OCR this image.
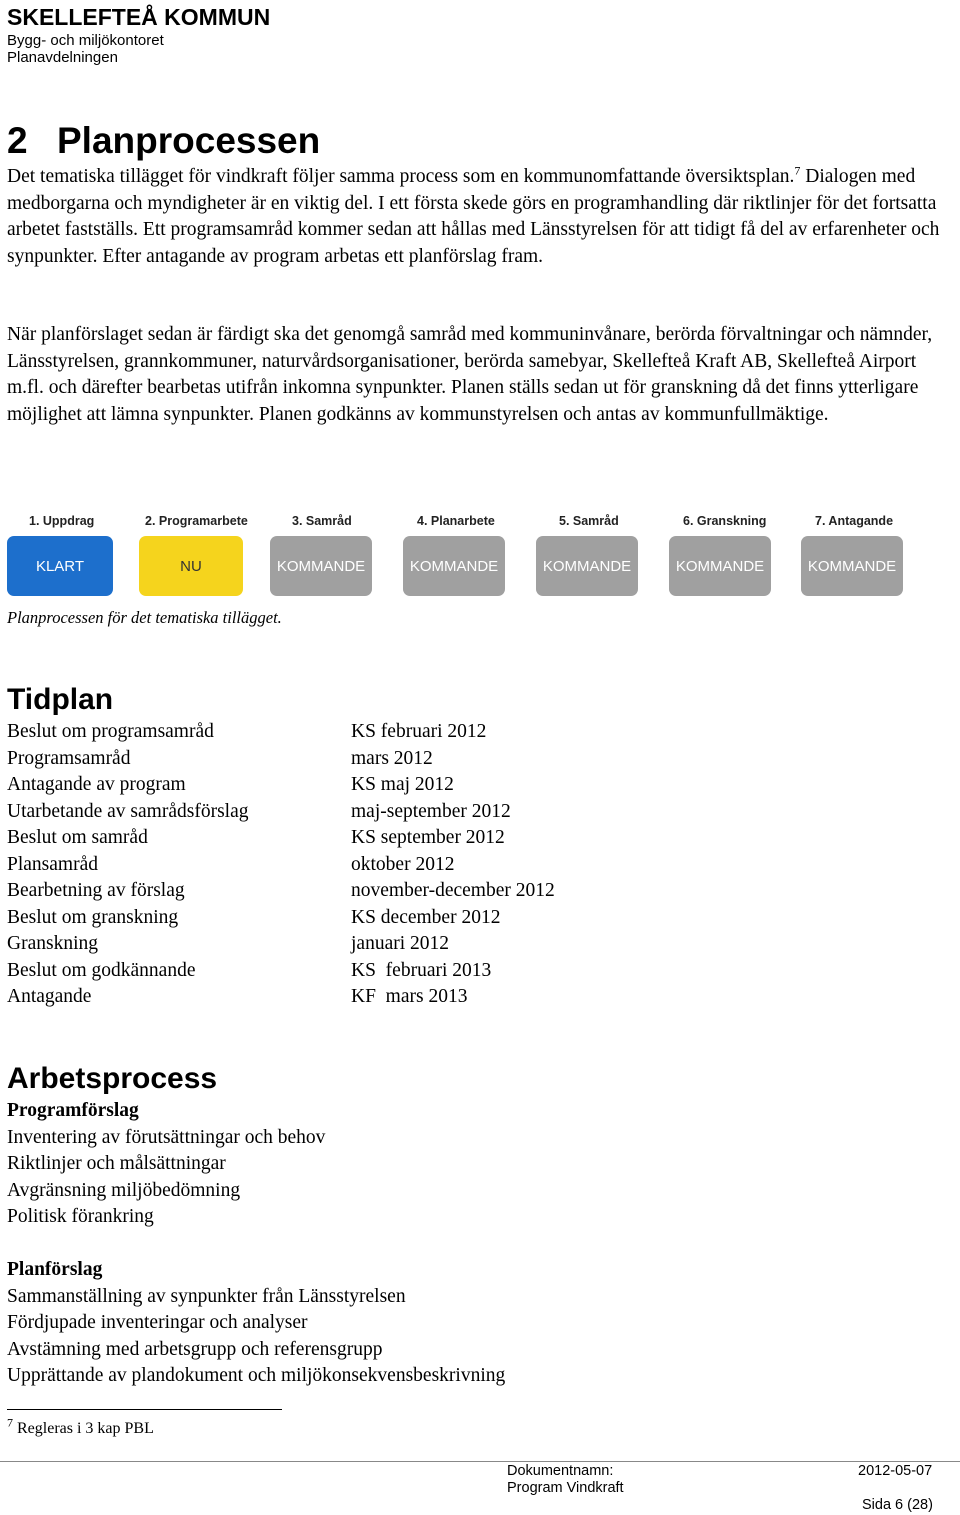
SKELLEFTEÅ KOMMUN
Bygg- och miljökontoret
Planavdelningen
2 Planprocessen
Det tematiska tillägget för vindkraft följer samma process som en kommunomfattande översiktsplan.$^7$ Dialogen med medborgarna och myndigheter är en viktig del. I ett första skede görs en programhandling där riktlinjer för det fortsatta arbetet fastställs. Ett programsamråd kommer sedan att hållas med Länsstyrelsen för att tidigt få del av erfarenheter och synpunkter. Efter antagande av program arbetas ett planförslag fram.
När planförslaget sedan är färdigt ska det genomgå samråd med kommuninvånare, berörda förvaltningar och nämnder, Länsstyrelsen, grannkommuner, naturvårdsorganisationer, berörda samebyar, Skellefteå Kraft AB, Skellefteå Airport m.fl. och därefter bearbetas utifrån inkomna synpunkter. Planen ställs sedan ut för granskning då det finns ytterligare möjlighet att lämna synpunkter. Planen godkänns av kommunstyrelsen och antas av kommunfullmäktige.
1. Uppdrag
KLART
2. Programarbete
NU
3. Samråd
KOMMANDE
4. Planarbete
KOMMANDE
5. Samråd
KOMMANDE
6. Granskning
KOMMANDE
7. Antagande
KOMMANDE
Planprocessen för det tematiska tillägget.
Tidplan
Beslut om programsamråd	KS februari 2012
Programsamråd	mars 2012
Antagande av program	KS maj 2012
Utarbetande av samrådsförslag	maj-september 2012
Beslut om samråd	KS september 2012
Plansamråd	oktober 2012
Bearbetning av förslag	november-december 2012
Beslut om granskning	KS december 2012
Granskning	januari 2012
Beslut om godkännande	KS  februari 2013
Antagande	KF  mars 2013
Arbetsprocess
Programförslag
Inventering av förutsättningar och behov
Riktlinjer och målsättningar
Avgränsning miljöbedömning
Politisk förankring
Planförslag
Sammanställning av synpunkter från Länsstyrelsen
Fördjupade inventeringar och analyser
Avstämning med arbetsgrupp och referensgrupp
Upprättande av plandokument och miljökonsekvensbeskrivning
$^7$ Regleras i 3 kap PBL
Dokumentnamn:
Program Vindkraft
2012-05-07
Sida 6 (28)
